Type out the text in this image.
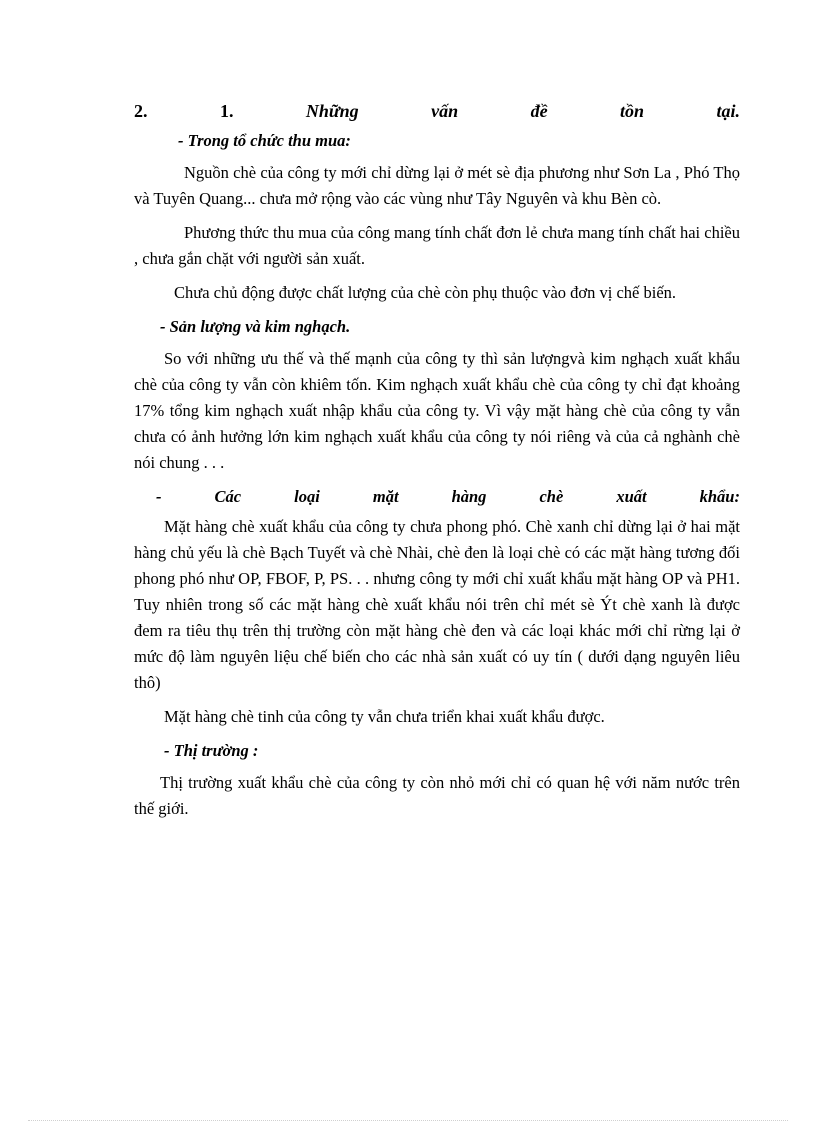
2.	1.	Những	vấn	đề	tồn	tại.
- Trong tổ chức thu mua:

Nguồn chè của công ty mới chỉ dừng lại ở mét sè địa phương như Sơn La , Phó Thọ và Tuyên Quang... chưa mở rộng vào các vùng như Tây Nguyên và khu Bèn cò.

Phương thức thu mua của công mang tính chất đơn lẻ chưa mang tính chất hai chiều , chưa gắn chặt với người sản xuất.

Chưa chủ động được chất lượng của chè còn phụ thuộc vào đơn vị chế biến.

- Sản lượng và kim nghạch.

So với những ưu thế và thế mạnh của công ty thì sản lượngvà kim nghạch xuất khẩu chè của công ty vẫn còn khiêm tốn. Kim nghạch xuất khẩu chè của công ty chỉ đạt khoảng 17% tổng kim nghạch xuất nhập khẩu của công ty. Vì vậy mặt hàng chè của công ty vẫn chưa có ảnh hưởng lớn kim nghạch xuất khẩu của công ty nói riêng và của cả nghành chè nói chung . . .

-	Các	loại	mặt	hàng	chè	xuất	khẩu:

Mặt hàng chè xuất khẩu của công ty chưa phong phó. Chè xanh chỉ dừng lại ở hai mặt hàng chủ yếu là chè Bạch Tuyết và chè Nhài, chè đen là loại chè có các mặt hàng tương đối phong phó như OP, FBOF, P, PS. . . nhưng công ty mới chỉ xuất khẩu mặt hàng OP và PH1. Tuy nhiên trong số các mặt hàng chè xuất khẩu nói trên chỉ mét sè Ýt chè xanh là được đem ra tiêu thụ trên thị trường còn mặt hàng chè đen và các loại khác mới chỉ rừng lại ở mức độ làm nguyên liệu chế biến cho các nhà sản xuất có uy tín ( dưới dạng nguyên liêu thô)

Mặt hàng chè tinh của công ty vẫn chưa triển khai xuất khẩu được.

- Thị trường :

Thị trường xuất khẩu chè của công ty còn nhỏ mới chỉ có quan hệ với năm nước trên thế giới.
